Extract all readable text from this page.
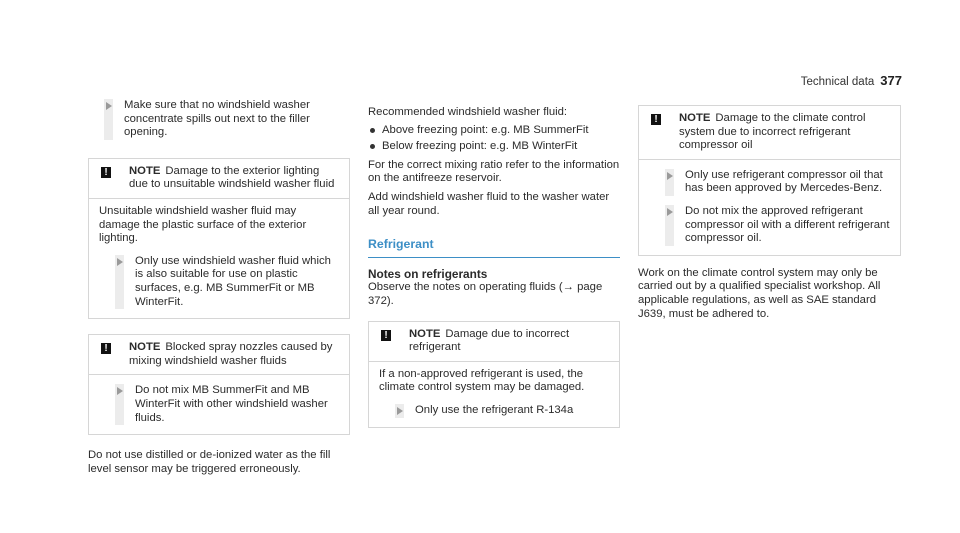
Technical data 377
Make sure that no windshield washer concentrate spills out next to the filler opening.
! NOTE Damage to the exterior lighting due to unsuitable windshield washer fluid

Unsuitable windshield washer fluid may damage the plastic surface of the exterior lighting.

Only use windshield washer fluid which is also suitable for use on plastic surfaces, e.g. MB SummerFit or MB WinterFit.
! NOTE Blocked spray nozzles caused by mixing windshield washer fluids
Do not mix MB SummerFit and MB WinterFit with other windshield washer fluids.

Do not use distilled or de-ionized water as the fill level sensor may be triggered erroneously.

Recommended windshield washer fluid:

Above freezing point: e.g. MB SummerFit
Below freezing point: e.g. MB WinterFit

For the correct mixing ratio refer to the information on the antifreeze reservoir.

Add windshield washer fluid to the washer water all year round.

Refrigerant
Notes on refrigerants

Observe the notes on operating fluids (→ page 372).

! NOTE Damage due to incorrect refrigerant

If a non-approved refrigerant is used, the climate control system may be damaged.

Only use the refrigerant R-134a
! NOTE Damage to the climate control system due to incorrect refrigerant compressor oil
Only use refrigerant compressor oil that has been approved by Mercedes-Benz.
Do not mix the approved refrigerant compressor oil with a different refrigerant compressor oil.

Work on the climate control system may only be carried out by a qualified specialist workshop. All applicable regulations, as well as SAE standard J639, must be adhered to.
